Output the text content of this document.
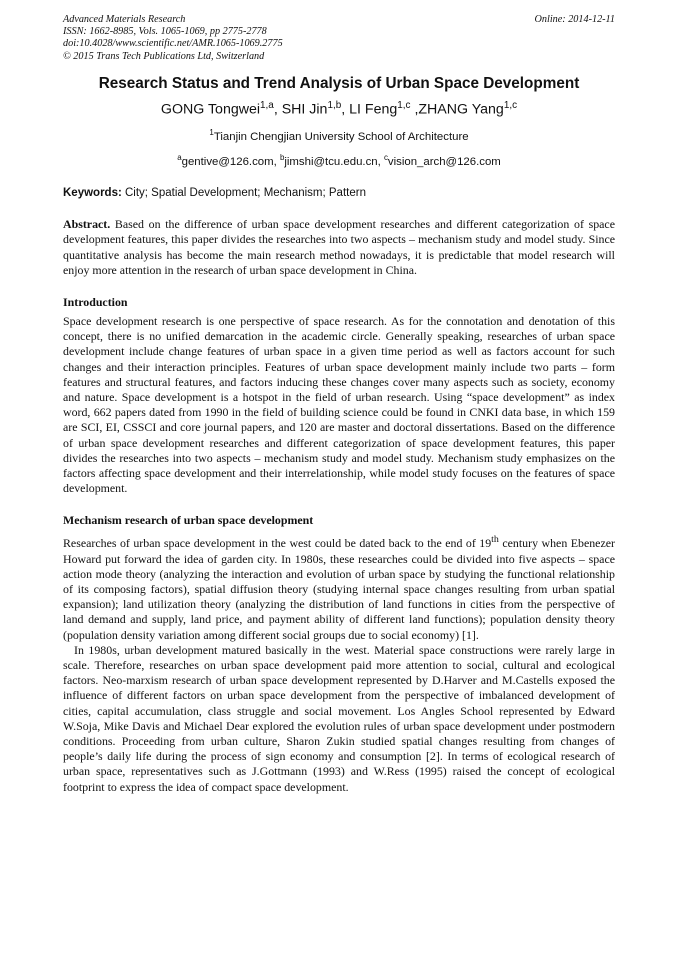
Advanced Materials Research
ISSN: 1662-8985, Vols. 1065-1069, pp 2775-2778
doi:10.4028/www.scientific.net/AMR.1065-1069.2775
© 2015 Trans Tech Publications Ltd, Switzerland
Online: 2014-12-11
Research Status and Trend Analysis of Urban Space Development
GONG Tongwei$^{1,a}$, SHI Jin$^{1,b}$, LI Feng$^{1,c}$ ,ZHANG Yang$^{1,c}$
$^1$Tianjin Chengjian University School of Architecture
$^a$gentive@126.com, $^b$jimshi@tcu.edu.cn, $^c$vision_arch@126.com
Keywords: City; Spatial Development; Mechanism; Pattern
Abstract. Based on the difference of urban space development researches and different categorization of space development features, this paper divides the researches into two aspects – mechanism study and model study. Since quantitative analysis has become the main research method nowadays, it is predictable that model research will enjoy more attention in the research of urban space development in China.
Introduction
Space development research is one perspective of space research. As for the connotation and denotation of this concept, there is no unified demarcation in the academic circle. Generally speaking, researches of urban space development include change features of urban space in a given time period as well as factors account for such changes and their interaction principles. Features of urban space development mainly include two parts – form features and structural features, and factors inducing these changes cover many aspects such as society, economy and nature. Space development is a hotspot in the field of urban research. Using “space development” as index word, 662 papers dated from 1990 in the field of building science could be found in CNKI data base, in which 159 are SCI, EI, CSSCI and core journal papers, and 120 are master and doctoral dissertations. Based on the difference of urban space development researches and different categorization of space development features, this paper divides the researches into two aspects – mechanism study and model study. Mechanism study emphasizes on the factors affecting space development and their interrelationship, while model study focuses on the features of space development.
Mechanism research of urban space development
Researches of urban space development in the west could be dated back to the end of 19th century when Ebenezer Howard put forward the idea of garden city. In 1980s, these researches could be divided into five aspects – space action mode theory (analyzing the interaction and evolution of urban space by studying the functional relationship of its composing factors), spatial diffusion theory (studying internal space changes resulting from urban spatial expansion); land utilization theory (analyzing the distribution of land functions in cities from the perspective of land demand and supply, land price, and payment ability of different land functions); population density theory (population density variation among different social groups due to social economy) [1].
In 1980s, urban development matured basically in the west. Material space constructions were rarely large in scale. Therefore, researches on urban space development paid more attention to social, cultural and ecological factors. Neo-marxism research of urban space development represented by D.Harver and M.Castells exposed the influence of different factors on urban space development from the perspective of imbalanced development of cities, capital accumulation, class struggle and social movement. Los Angles School represented by Edward W.Soja, Mike Davis and Michael Dear explored the evolution rules of urban space development under postmodern conditions. Proceeding from urban culture, Sharon Zukin studied spatial changes resulting from changes of people’s daily life during the process of sign economy and consumption [2]. In terms of ecological research of urban space, representatives such as J.Gottmann (1993) and W.Ress (1995) raised the concept of ecological footprint to express the idea of compact space development.
